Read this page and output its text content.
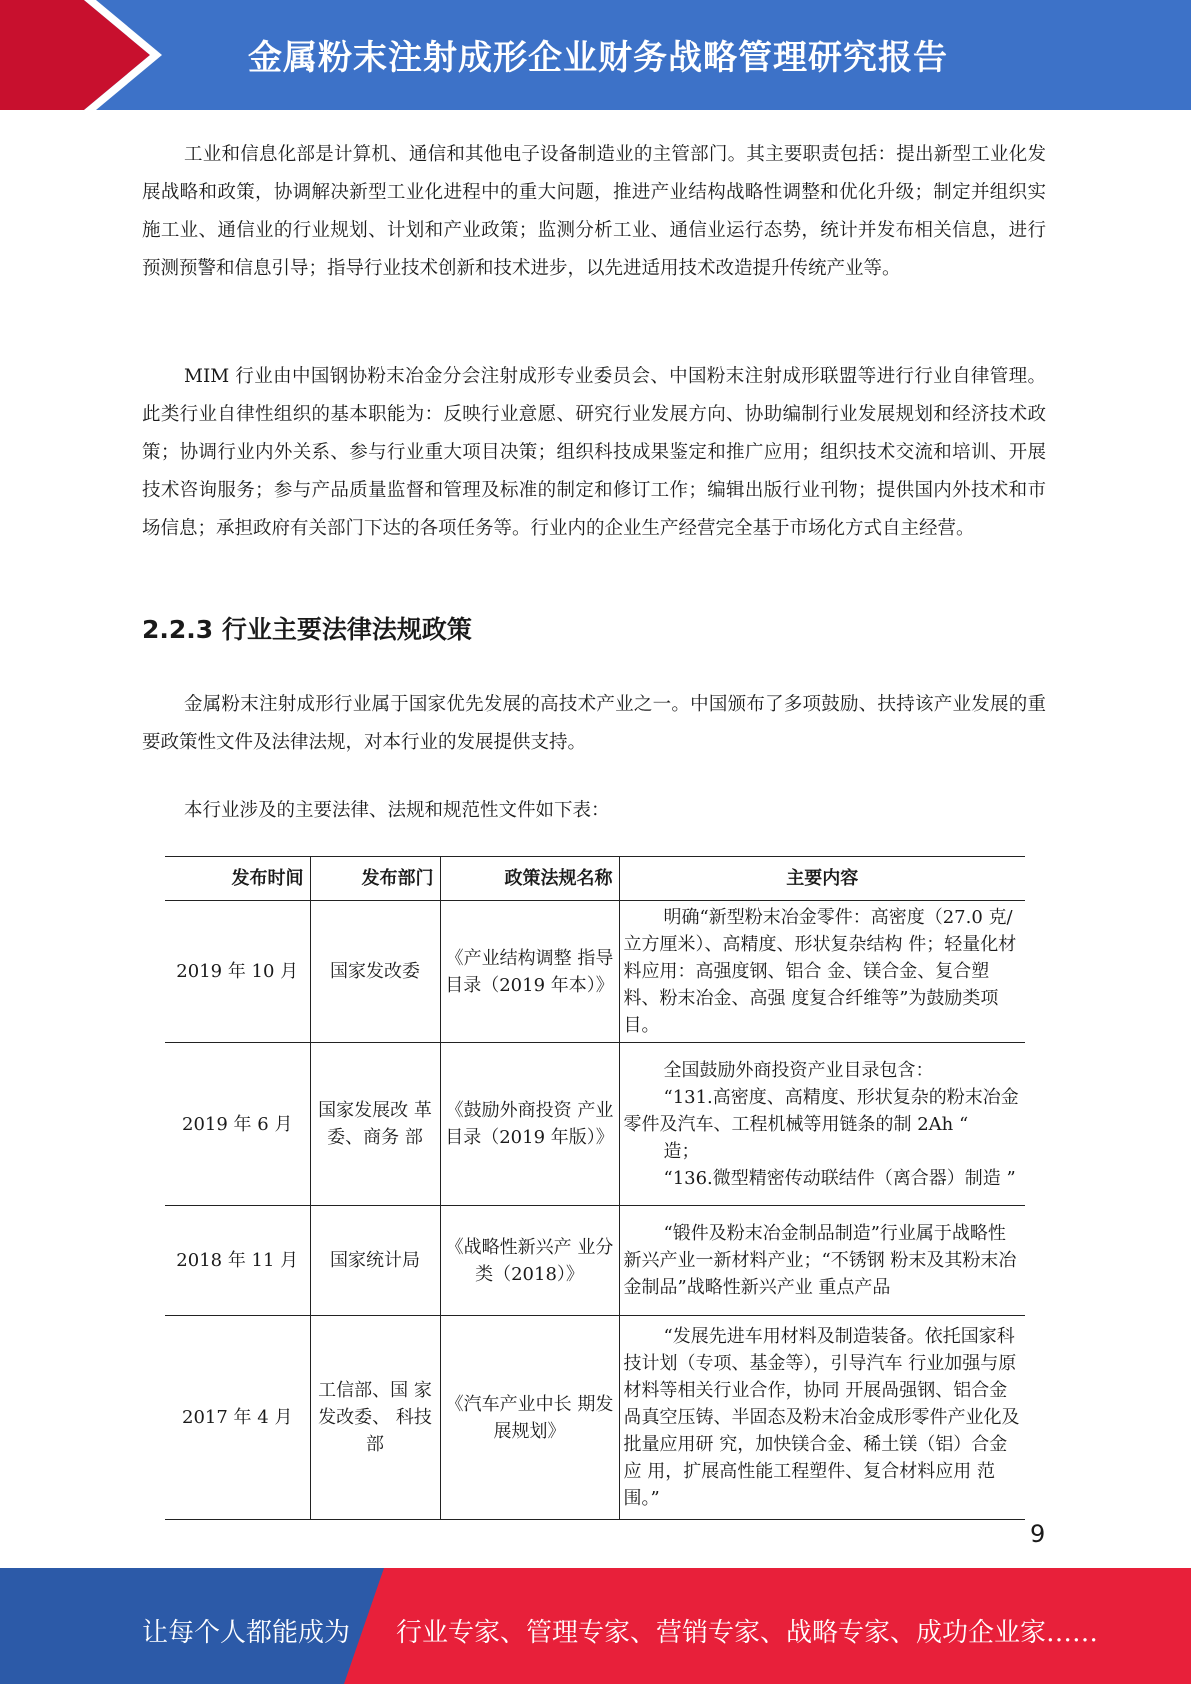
金属粉末注射成形企业财务战略管理研究报告

工业和信息化部是计算机、通信和其他电子设备制造业的主管部门。其主要职责包括：提出新型工业化发展战略和政策，协调解决新型工业化进程中的重大问题，推进产业结构战略性调整和优化升级；制定并组织实施工业、通信业的行业规划、计划和产业政策；监测分析工业、通信业运行态势，统计并发布相关信息，进行预测预警和信息引导；指导行业技术创新和技术进步，以先进适用技术改造提升传统产业等。

MIM 行业由中国钢协粉末冶金分会注射成形专业委员会、中国粉末注射成形联盟等进行行业自律管理。此类行业自律性组织的基本职能为：反映行业意愿、研究行业发展方向、协助编制行业发展规划和经济技术政策；协调行业内外关系、参与行业重大项目决策；组织科技成果鉴定和推广应用；组织技术交流和培训、开展技术咨询服务；参与产品质量监督和管理及标准的制定和修订工作；编辑出版行业刊物；提供国内外技术和市场信息；承担政府有关部门下达的各项任务等。行业内的企业生产经营完全基于市场化方式自主经营。

2.2.3 行业主要法律法规政策

金属粉末注射成形行业属于国家优先发展的高技术产业之一。中国颁布了多项鼓励、扶持该产业发展的重要政策性文件及法律法规，对本行业的发展提供支持。

本行业涉及的主要法律、法规和规范性文件如下表：

发布时间	发布部门	政策法规名称	主要内容
2019 年 10 月	国家发改委	《产业结构调整 指导目录（2019 年本）》	明确“新型粉末冶金零件：高密度（27.0 克/立方厘米）、高精度、形状复杂结构 件；轻量化材料应用：高强度钢、铝合 金、镁合金、复合塑料、粉末冶金、高强 度复合纤维等”为鼓励类项目。

2019 年 6 月	国家发展改 革委、商务 部	《鼓励外商投资 产业目录（2019 年版）》	全国鼓励外商投资产业目录包含：
“131.高密度、高精度、形状复杂的粉末冶金零件及汽车、工程机械等用链条的制 2Ah “
造；
“136.微型精密传动联结件（离合器）制造 ”

2018 年 11 月	国家统计局	《战略性新兴产 业分类（2018）》	“锻件及粉末冶金制品制造”行业属于战略性新兴产业一新材料产业；“不锈钢 粉末及其粉末冶金制品”战略性新兴产业 重点产品

2017 年 4 月	工信部、国 家发改委、 科技部	《汽车产业中长 期发展规划》	“发展先进车用材料及制造装备。依托国家科技计划（专项、基金等），引导汽车 行业加强与原材料等相关行业合作，协同 开展咼强钢、铝合金咼真空压铸、半固态及粉末冶金成形零件产业化及批量应用研 究，加快镁合金、稀土镁（铝）合金应 用，扩展高性能工程塑件、复合材料应用 范围。”
9
让每个人都能成为 行业专家、管理专家、营销专家、战略专家、成功企业家……
